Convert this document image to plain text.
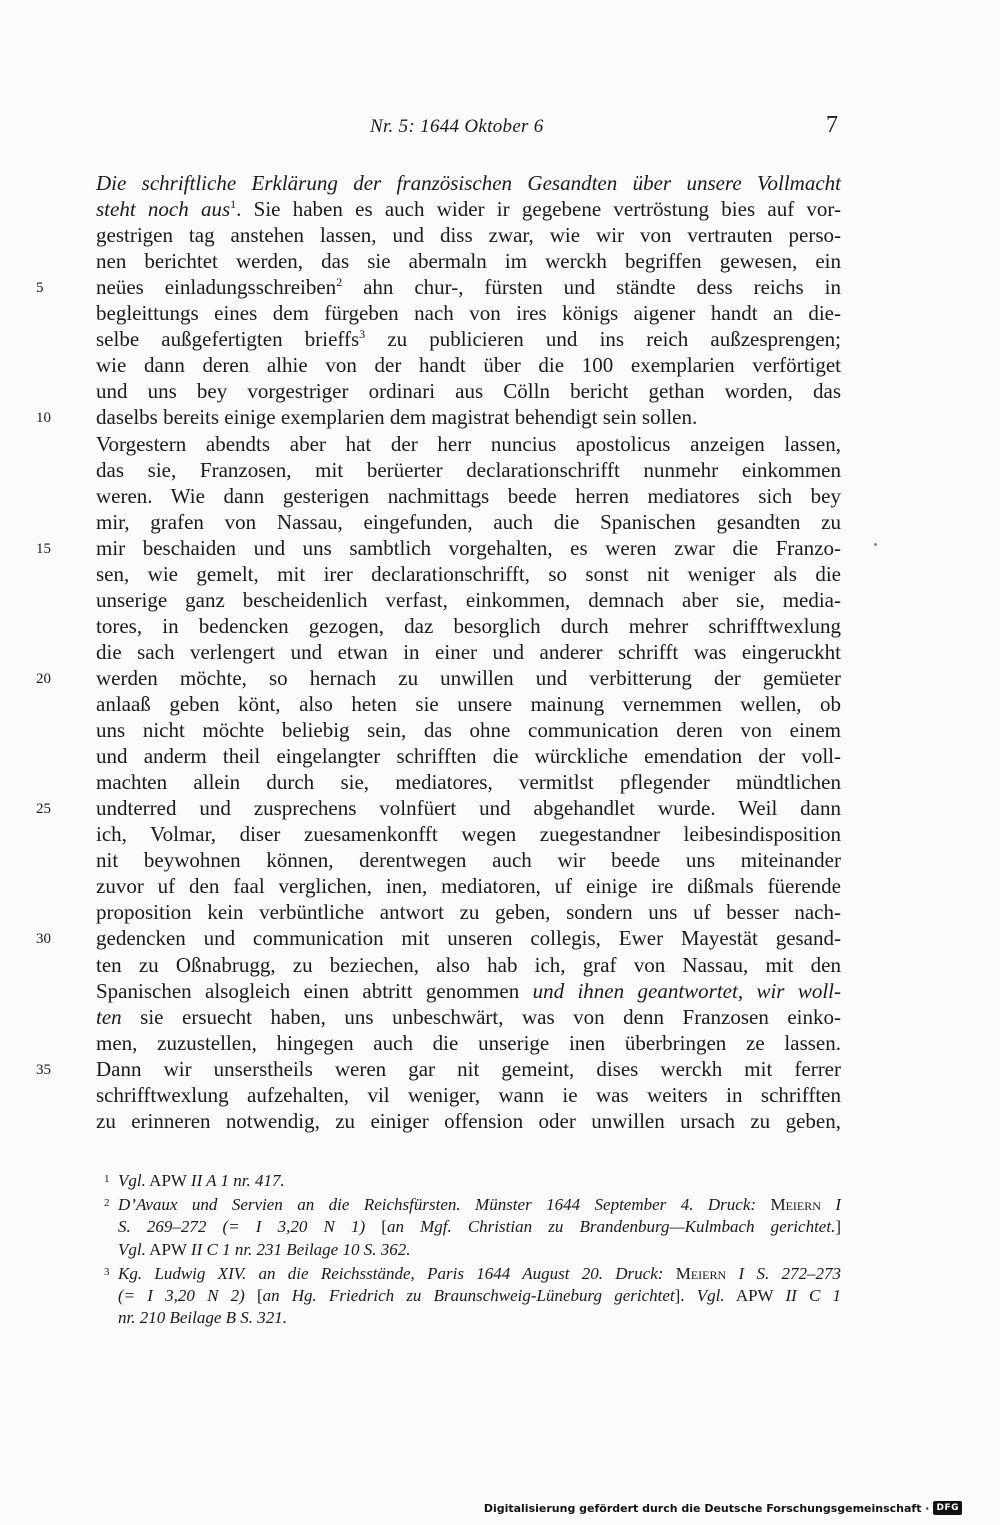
Nr. 5: 1644 Oktober 6	7
Die schriftliche Erklärung der französischen Gesandten über unsere Vollmacht
steht noch aus$^1$. Sie haben es auch wider ir gegebene vertröstung bies auf vor-
gestrigen tag anstehen lassen, und diss zwar, wie wir von vertrauten perso-
nen berichtet werden, das sie abermaln im werckh begriffen gewesen, ein
5	neües einladungsschreiben$^2$ ahn chur-, fürsten und ständte dess reichs in
begleittungs eines dem fürgeben nach von ires königs aigener handt an die-
selbe außgefertigten brieffs$^3$ zu publicieren und ins reich außzesprengen;
wie dann deren alhie von der handt über die 100 exemplarien verförtiget
und uns bey vorgestriger ordinari aus Cölln bericht gethan worden, das
10	daselbs bereits einige exemplarien dem magistrat behendigt sein sollen.
Vorgestern abendts aber hat der herr nuncius apostolicus anzeigen lassen,
das sie, Franzosen, mit berüerter declarationschrifft nunmehr einkommen
weren. Wie dann gesterigen nachmittags beede herren mediatores sich bey
mir, grafen von Nassau, eingefunden, auch die Spanischen gesandten zu
15	mir beschaiden und uns sambtlich vorgehalten, es weren zwar die Franzo-
sen, wie gemelt, mit irer declarationschrifft, so sonst nit weniger als die
unserige ganz bescheidenlich verfast, einkommen, demnach aber sie, media-
tores, in bedencken gezogen, daz besorglich durch mehrer schrifftwexlung
die sach verlengert und etwan in einer und anderer schrifft was eingeruckht
20	werden möchte, so hernach zu unwillen und verbitterung der gemüeter
anlaaß geben könt, also heten sie unsere mainung vernemmen wellen, ob
uns nicht möchte beliebig sein, das ohne communication deren von einem
und anderm theil eingelangter schrifften die würckliche emendation der voll-
machten allein durch sie, mediatores, vermitlst pflegender mündtlichen
25	undterred und zusprechens volnfüert und abgehandlet wurde. Weil dann
ich, Volmar, diser zuesamenkonfft wegen zuegestandner leibesindisposition
nit beywohnen können, derentwegen auch wir beede uns miteinander
zuvor uf den faal verglichen, inen, mediatoren, uf einige ire dißmals füerende
proposition kein verbüntliche antwort zu geben, sondern uns uf besser nach-
30	gedencken und communication mit unseren collegis, Ewer Mayestät gesand-
ten zu Oßnabrugg, zu beziechen, also hab ich, graf von Nassau, mit den
Spanischen alsogleich einen abtritt genommen und ihnen geantwortet, wir woll-
ten sie ersuecht haben, uns unbeschwärt, was von denn Franzosen einko-
men, zuzustellen, hingegen auch die unserige inen überbringen ze lassen.
35	Dann wir unserstheils weren gar nit gemeint, dises werckh mit ferrer
schrifftwexlung aufzehalten, vil weniger, wann ie was weiters in schrifften
zu erinneren notwendig, zu einiger offension oder unwillen ursach zu geben,
1 Vgl. APW II A 1 nr. 417.
2 D’Avaux und Servien an die Reichsfürsten. Münster 1644 September 4. Druck: Meiern I
S. 269–272 (= I 3,20 N 1) [an Mgf. Christian zu Brandenburg—Kulmbach gerichtet.]
Vgl. APW II C 1 nr. 231 Beilage 10 S. 362.
3 Kg. Ludwig XIV. an die Reichsstände, Paris 1644 August 20. Druck: Meiern I S. 272–273
(= I 3,20 N 2) [an Hg. Friedrich zu Braunschweig-Lüneburg gerichtet]. Vgl. APW II C 1
nr. 210 Beilage B S. 321.
Digitalisierung gefördert durch die Deutsche Forschungsgemeinschaft · DFG
